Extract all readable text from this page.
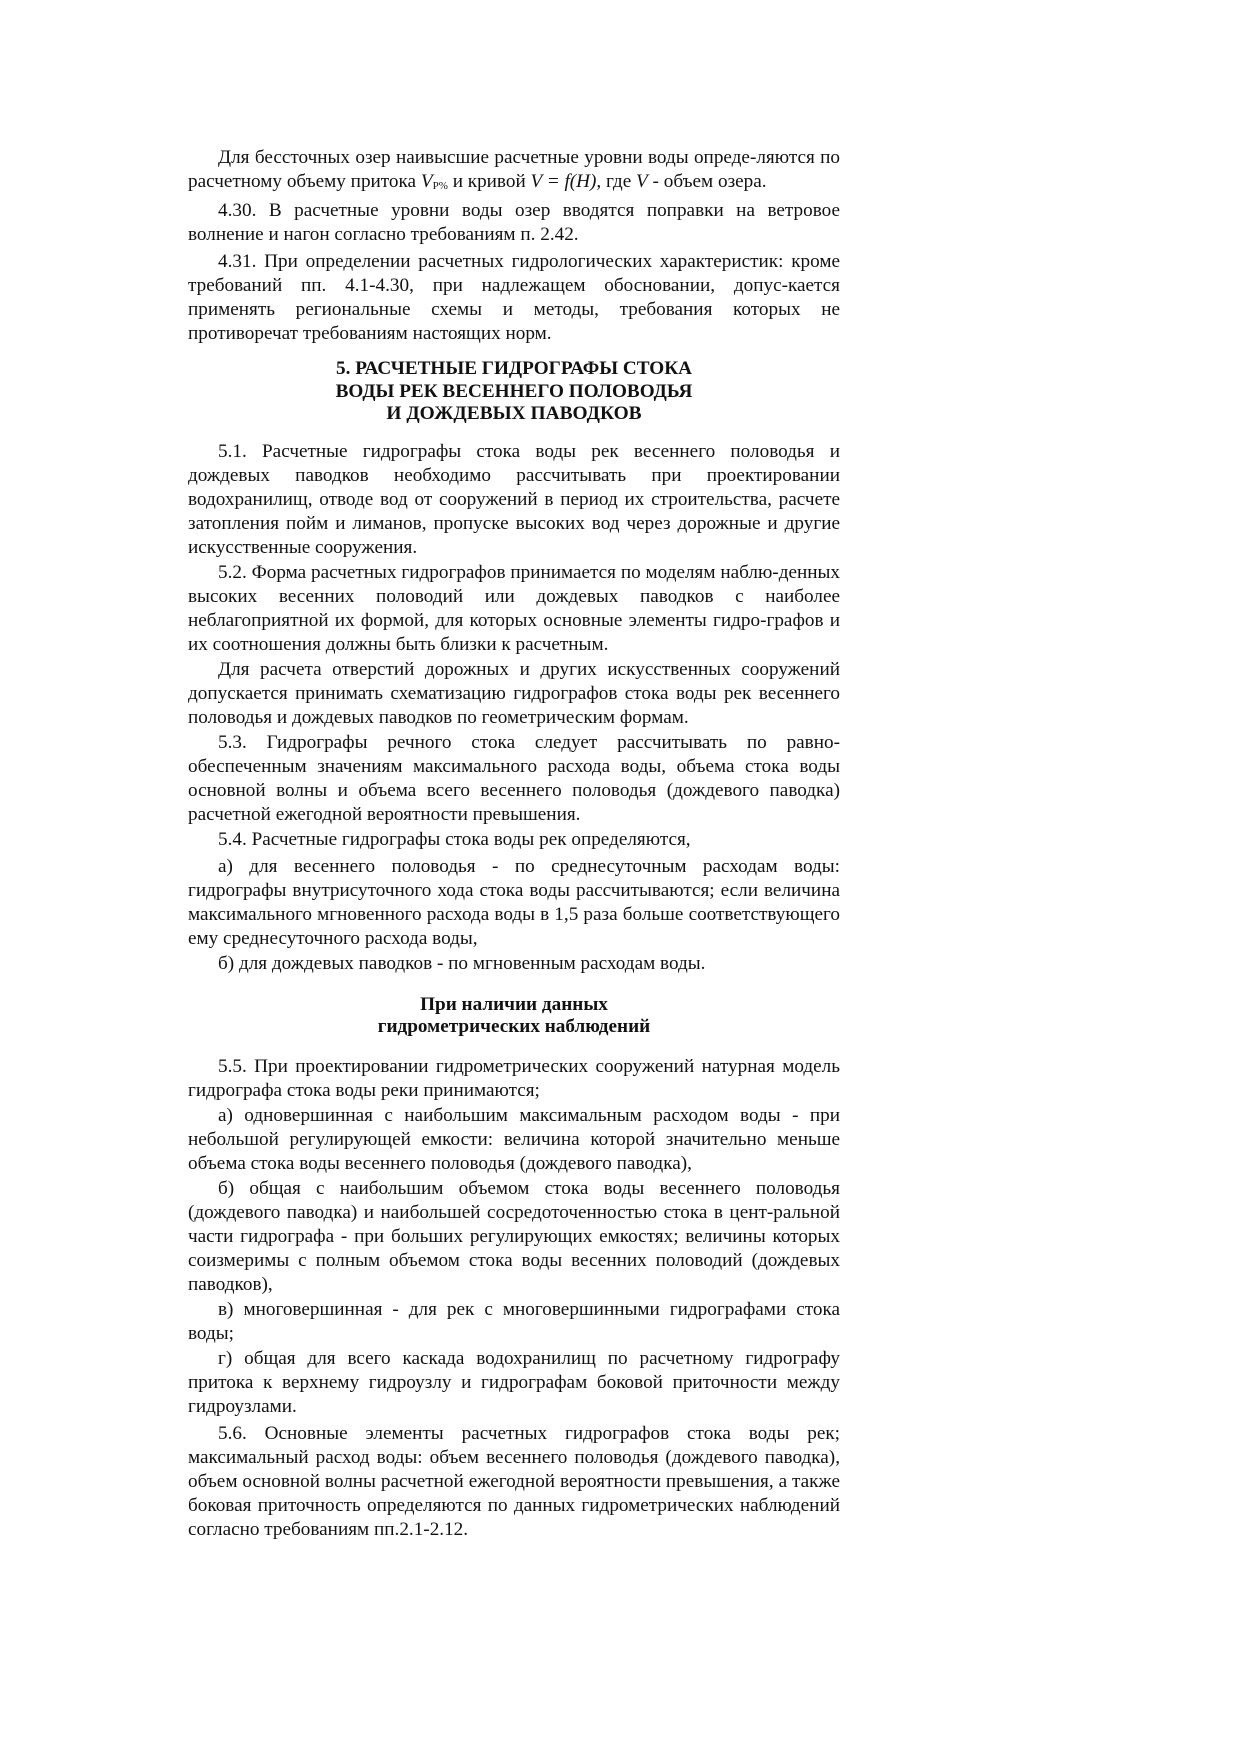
Для бессточных озер наивысшие расчетные уровни воды опреде-ляются по расчетному объему притока $V_{P\%}$ и кривой V = f(H), где V - объем озера.

4.30. В расчетные уровни воды озер вводятся поправки на ветровое волнение и нагон согласно требованиям п. 2.42.

4.31. При определении расчетных гидрологических характеристик: кроме требований пп. 4.1-4.30, при надлежащем обосновании, допус-кается применять региональные схемы и методы, требования которых не противоречат требованиям настоящих норм.

5. РАСЧЕТНЫЕ ГИДРОГРАФЫ СТОКА

ВОДЫ РЕК ВЕСЕННЕГО ПОЛОВОДЬЯ

И ДОЖДЕВЫХ ПАВОДКОВ

5.1. Расчетные гидрографы стока воды рек весеннего половодья и дождевых паводков необходимо рассчитывать при проектировании водохранилищ, отводе вод от сооружений в период их строительства, расчете затопления пойм и лиманов, пропуске высоких вод через дорожные и другие искусственные сооружения.

5.2. Форма расчетных гидрографов принимается по моделям наблю-денных высоких весенних половодий или дождевых паводков с наиболее неблагоприятной их формой, для которых основные элементы гидро-графов и их соотношения должны быть близки к расчетным.

Для расчета отверстий дорожных и других искусственных сооружений допускается принимать схематизацию гидрографов стока воды рек весеннего половодья и дождевых паводков по геометрическим формам.

5.3. Гидрографы речного стока следует рассчитывать по равно-обеспеченным значениям максимального расхода воды, объема стока воды основной волны и объема всего весеннего половодья (дождевого паводка) расчетной ежегодной вероятности превышения.

5.4. Расчетные гидрографы стока воды рек определяются,

а) для весеннего половодья - по среднесуточным расходам воды: гидрографы внутрисуточного хода стока воды рассчитываются; если величина максимального мгновенного расхода воды в 1,5 раза больше соответствующего ему среднесуточного расхода воды,

б) для дождевых паводков - по мгновенным расходам воды.

При наличии данных

гидрометрических наблюдений

5.5. При проектировании гидрометрических сооружений натурная модель гидрографа стока воды реки принимаются;

а) одновершинная с наибольшим максимальным расходом воды - при небольшой регулирующей емкости: величина которой значительно меньше объема стока воды весеннего половодья (дождевого паводка),

б) общая с наибольшим объемом стока воды весеннего половодья (дождевого паводка) и наибольшей сосредоточенностью стока в цент-ральной части гидрографа - при больших регулирующих емкостях; величины которых соизмеримы с полным объемом стока воды весенних половодий (дождевых паводков),

в) многовершинная - для рек с многовершинными гидрографами стока воды;

г) общая для всего каскада водохранилищ по расчетному гидрографу притока к верхнему гидроузлу и гидрографам боковой приточности между гидроузлами.

5.6. Основные элементы расчетных гидрографов стока воды рек; максимальный расход воды: объем весеннего половодья (дождевого паводка), объем основной волны расчетной ежегодной вероятности превышения, а также боковая приточность определяются по данных гидрометрических наблюдений согласно требованиям пп.2.1-2.12.
